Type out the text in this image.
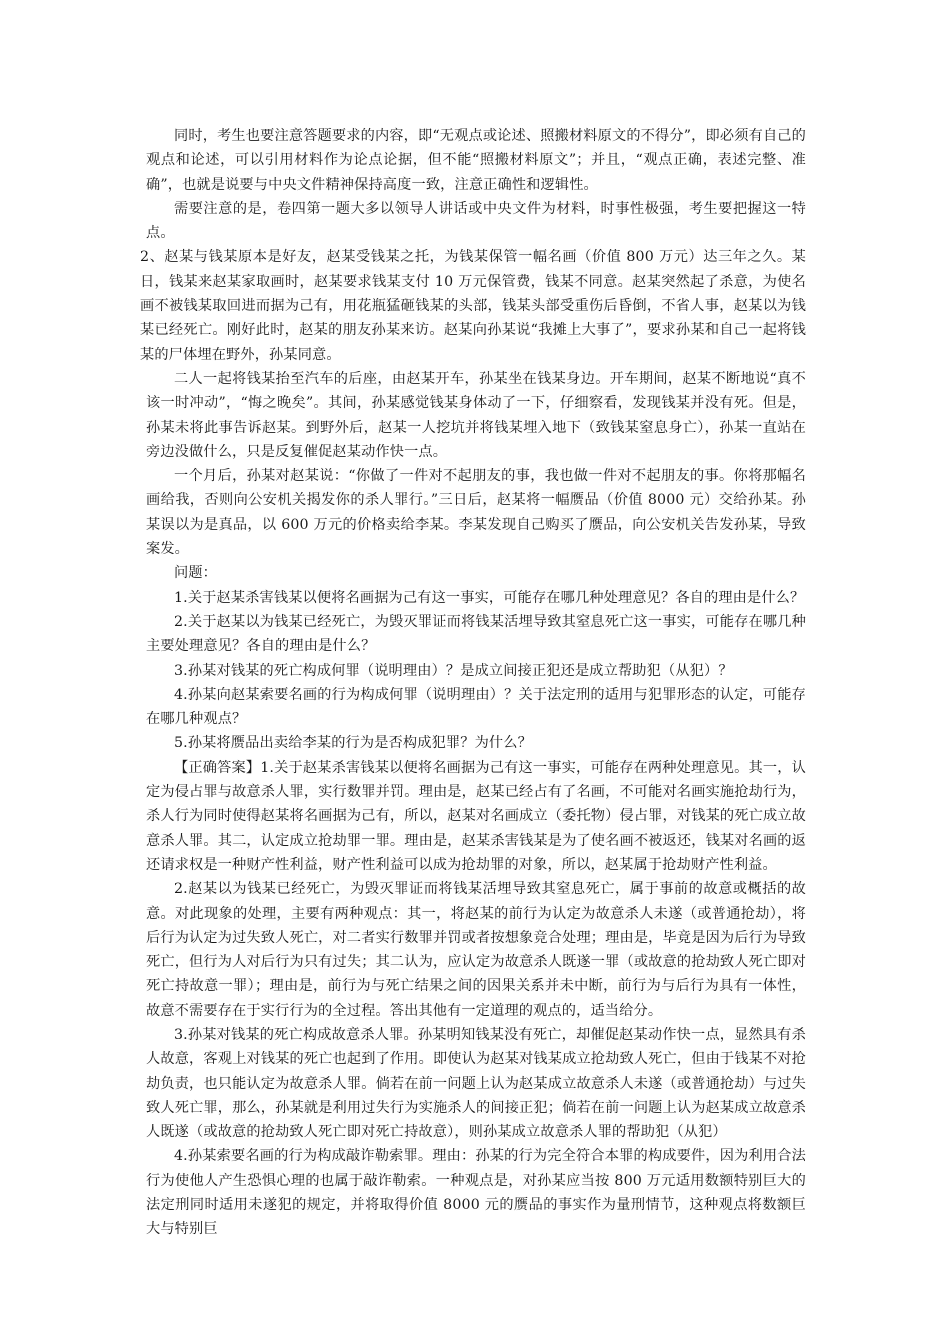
同时，考生也要注意答题要求的内容，即“无观点或论述、照搬材料原文的不得分”，即必须有自己的观点和论述，可以引用材料作为论点论据，但不能“照搬材料原文”；并且，“观点正确，表述完整、准确”，也就是说要与中央文件精神保持高度一致，注意正确性和逻辑性。

需要注意的是，卷四第一题大多以领导人讲话或中央文件为材料，时事性极强，考生要把握这一特点。

2、赵某与钱某原本是好友，赵某受钱某之托，为钱某保管一幅名画（价值 800 万元）达三年之久。某日，钱某来赵某家取画时，赵某要求钱某支付 10 万元保管费，钱某不同意。赵某突然起了杀意，为使名画不被钱某取回进而据为己有，用花瓶猛砸钱某的头部，钱某头部受重伤后昏倒，不省人事，赵某以为钱某已经死亡。刚好此时，赵某的朋友孙某来访。赵某向孙某说“我摊上大事了”，要求孙某和自己一起将钱某的尸体埋在野外，孙某同意。

二人一起将钱某抬至汽车的后座，由赵某开车，孙某坐在钱某身边。开车期间，赵某不断地说“真不该一时冲动”，“悔之晚矣”。其间，孙某感觉钱某身体动了一下，仔细察看，发现钱某并没有死。但是，孙某未将此事告诉赵某。到野外后，赵某一人挖坑并将钱某埋入地下（致钱某窒息身亡），孙某一直站在旁边没做什么，只是反复催促赵某动作快一点。

一个月后，孙某对赵某说：“你做了一件对不起朋友的事，我也做一件对不起朋友的事。你将那幅名画给我，否则向公安机关揭发你的杀人罪行。”三日后，赵某将一幅赝品（价值 8000 元）交给孙某。孙某误以为是真品，以 600 万元的价格卖给李某。李某发现自己购买了赝品，向公安机关告发孙某，导致案发。

问题：

1.关于赵某杀害钱某以便将名画据为己有这一事实，可能存在哪几种处理意见？各自的理由是什么？

2.关于赵某以为钱某已经死亡，为毁灭罪证而将钱某活埋导致其窒息死亡这一事实，可能存在哪几种主要处理意见？各自的理由是什么？

3.孙某对钱某的死亡构成何罪（说明理由）？是成立间接正犯还是成立帮助犯（从犯）？

4.孙某向赵某索要名画的行为构成何罪（说明理由）？关于法定刑的适用与犯罪形态的认定，可能存在哪几种观点？

5.孙某将赝品出卖给李某的行为是否构成犯罪？为什么？

【正确答案】1.关于赵某杀害钱某以便将名画据为己有这一事实，可能存在两种处理意见。其一，认定为侵占罪与故意杀人罪，实行数罪并罚。理由是，赵某已经占有了名画，不可能对名画实施抢劫行为，杀人行为同时使得赵某将名画据为己有，所以，赵某对名画成立（委托物）侵占罪，对钱某的死亡成立故意杀人罪。其二，认定成立抢劫罪一罪。理由是，赵某杀害钱某是为了使名画不被返还，钱某对名画的返还请求权是一种财产性利益，财产性利益可以成为抢劫罪的对象，所以，赵某属于抢劫财产性利益。

2.赵某以为钱某已经死亡，为毁灭罪证而将钱某活埋导致其窒息死亡，属于事前的故意或概括的故意。对此现象的处理，主要有两种观点：其一，将赵某的前行为认定为故意杀人未遂（或普通抢劫），将后行为认定为过失致人死亡，对二者实行数罪并罚或者按想象竞合处理；理由是，毕竟是因为后行为导致死亡，但行为人对后行为只有过失；其二认为，应认定为故意杀人既遂一罪（或故意的抢劫致人死亡即对死亡持故意一罪）；理由是，前行为与死亡结果之间的因果关系并未中断，前行为与后行为具有一体性，故意不需要存在于实行行为的全过程。答出其他有一定道理的观点的，适当给分。

3.孙某对钱某的死亡构成故意杀人罪。孙某明知钱某没有死亡，却催促赵某动作快一点，显然具有杀人故意，客观上对钱某的死亡也起到了作用。即使认为赵某对钱某成立抢劫致人死亡，但由于钱某不对抢劫负责，也只能认定为故意杀人罪。倘若在前一问题上认为赵某成立故意杀人未遂（或普通抢劫）与过失致人死亡罪，那么，孙某就是利用过失行为实施杀人的间接正犯；倘若在前一问题上认为赵某成立故意杀人既遂（或故意的抢劫致人死亡即对死亡持故意），则孙某成立故意杀人罪的帮助犯（从犯）

4.孙某索要名画的行为构成敲诈勒索罪。理由：孙某的行为完全符合本罪的构成要件，因为利用合法行为使他人产生恐惧心理的也属于敲诈勒索。一种观点是，对孙某应当按 800 万元适用数额特别巨大的法定刑同时适用未遂犯的规定，并将取得价值 8000 元的赝品的事实作为量刑情节，这种观点将数额巨大与特别巨
